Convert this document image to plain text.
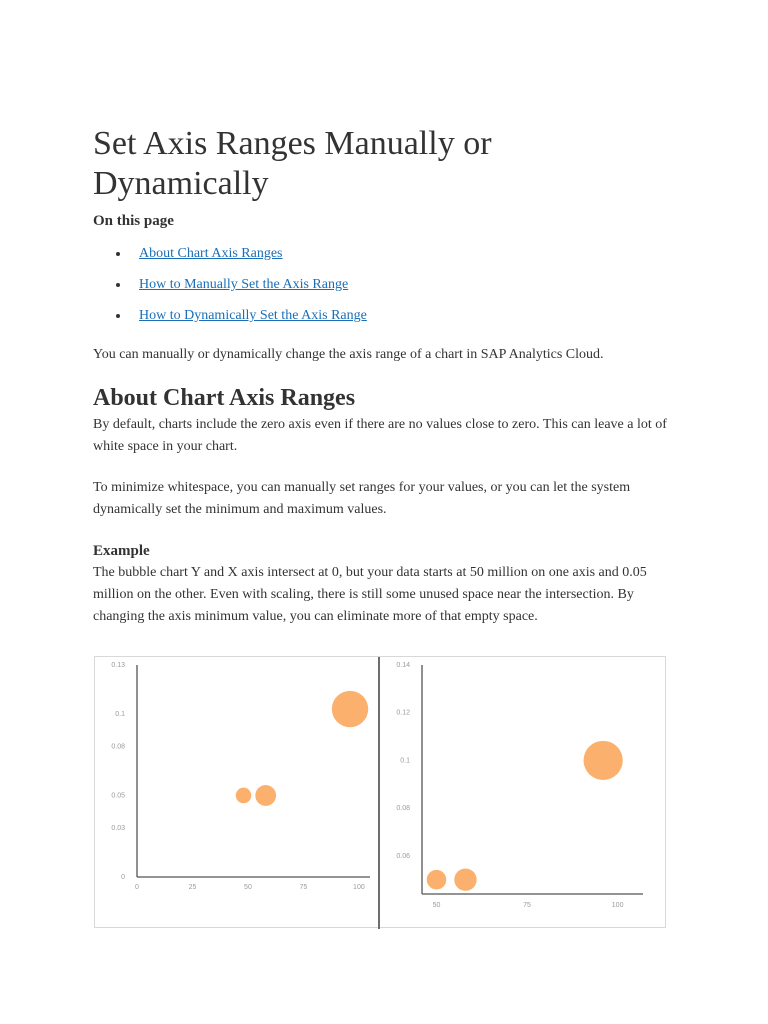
Set Axis Ranges Manually or Dynamically

On this page

About Chart Axis Ranges
How to Manually Set the Axis Range
How to Dynamically Set the Axis Range

You can manually or dynamically change the axis range of a chart in SAP Analytics Cloud.

About Chart Axis Ranges

By default, charts include the zero axis even if there are no values close to zero. This can leave a lot of white space in your chart.

To minimize whitespace, you can manually set ranges for your values, or you can let the system dynamically set the minimum and maximum values.

Example

The bubble chart Y and X axis intersect at 0, but your data starts at 50 million on one axis and 0.05 million on the other. Even with scaling, there is still some unused space near the intersection. By changing the axis minimum value, you can eliminate more of that empty space.

0
0.03
0.05
0.08
0.1
0.13
0	25	50	75	100
0.06
0.08
0.1
0.12
0.14
50	75	100
